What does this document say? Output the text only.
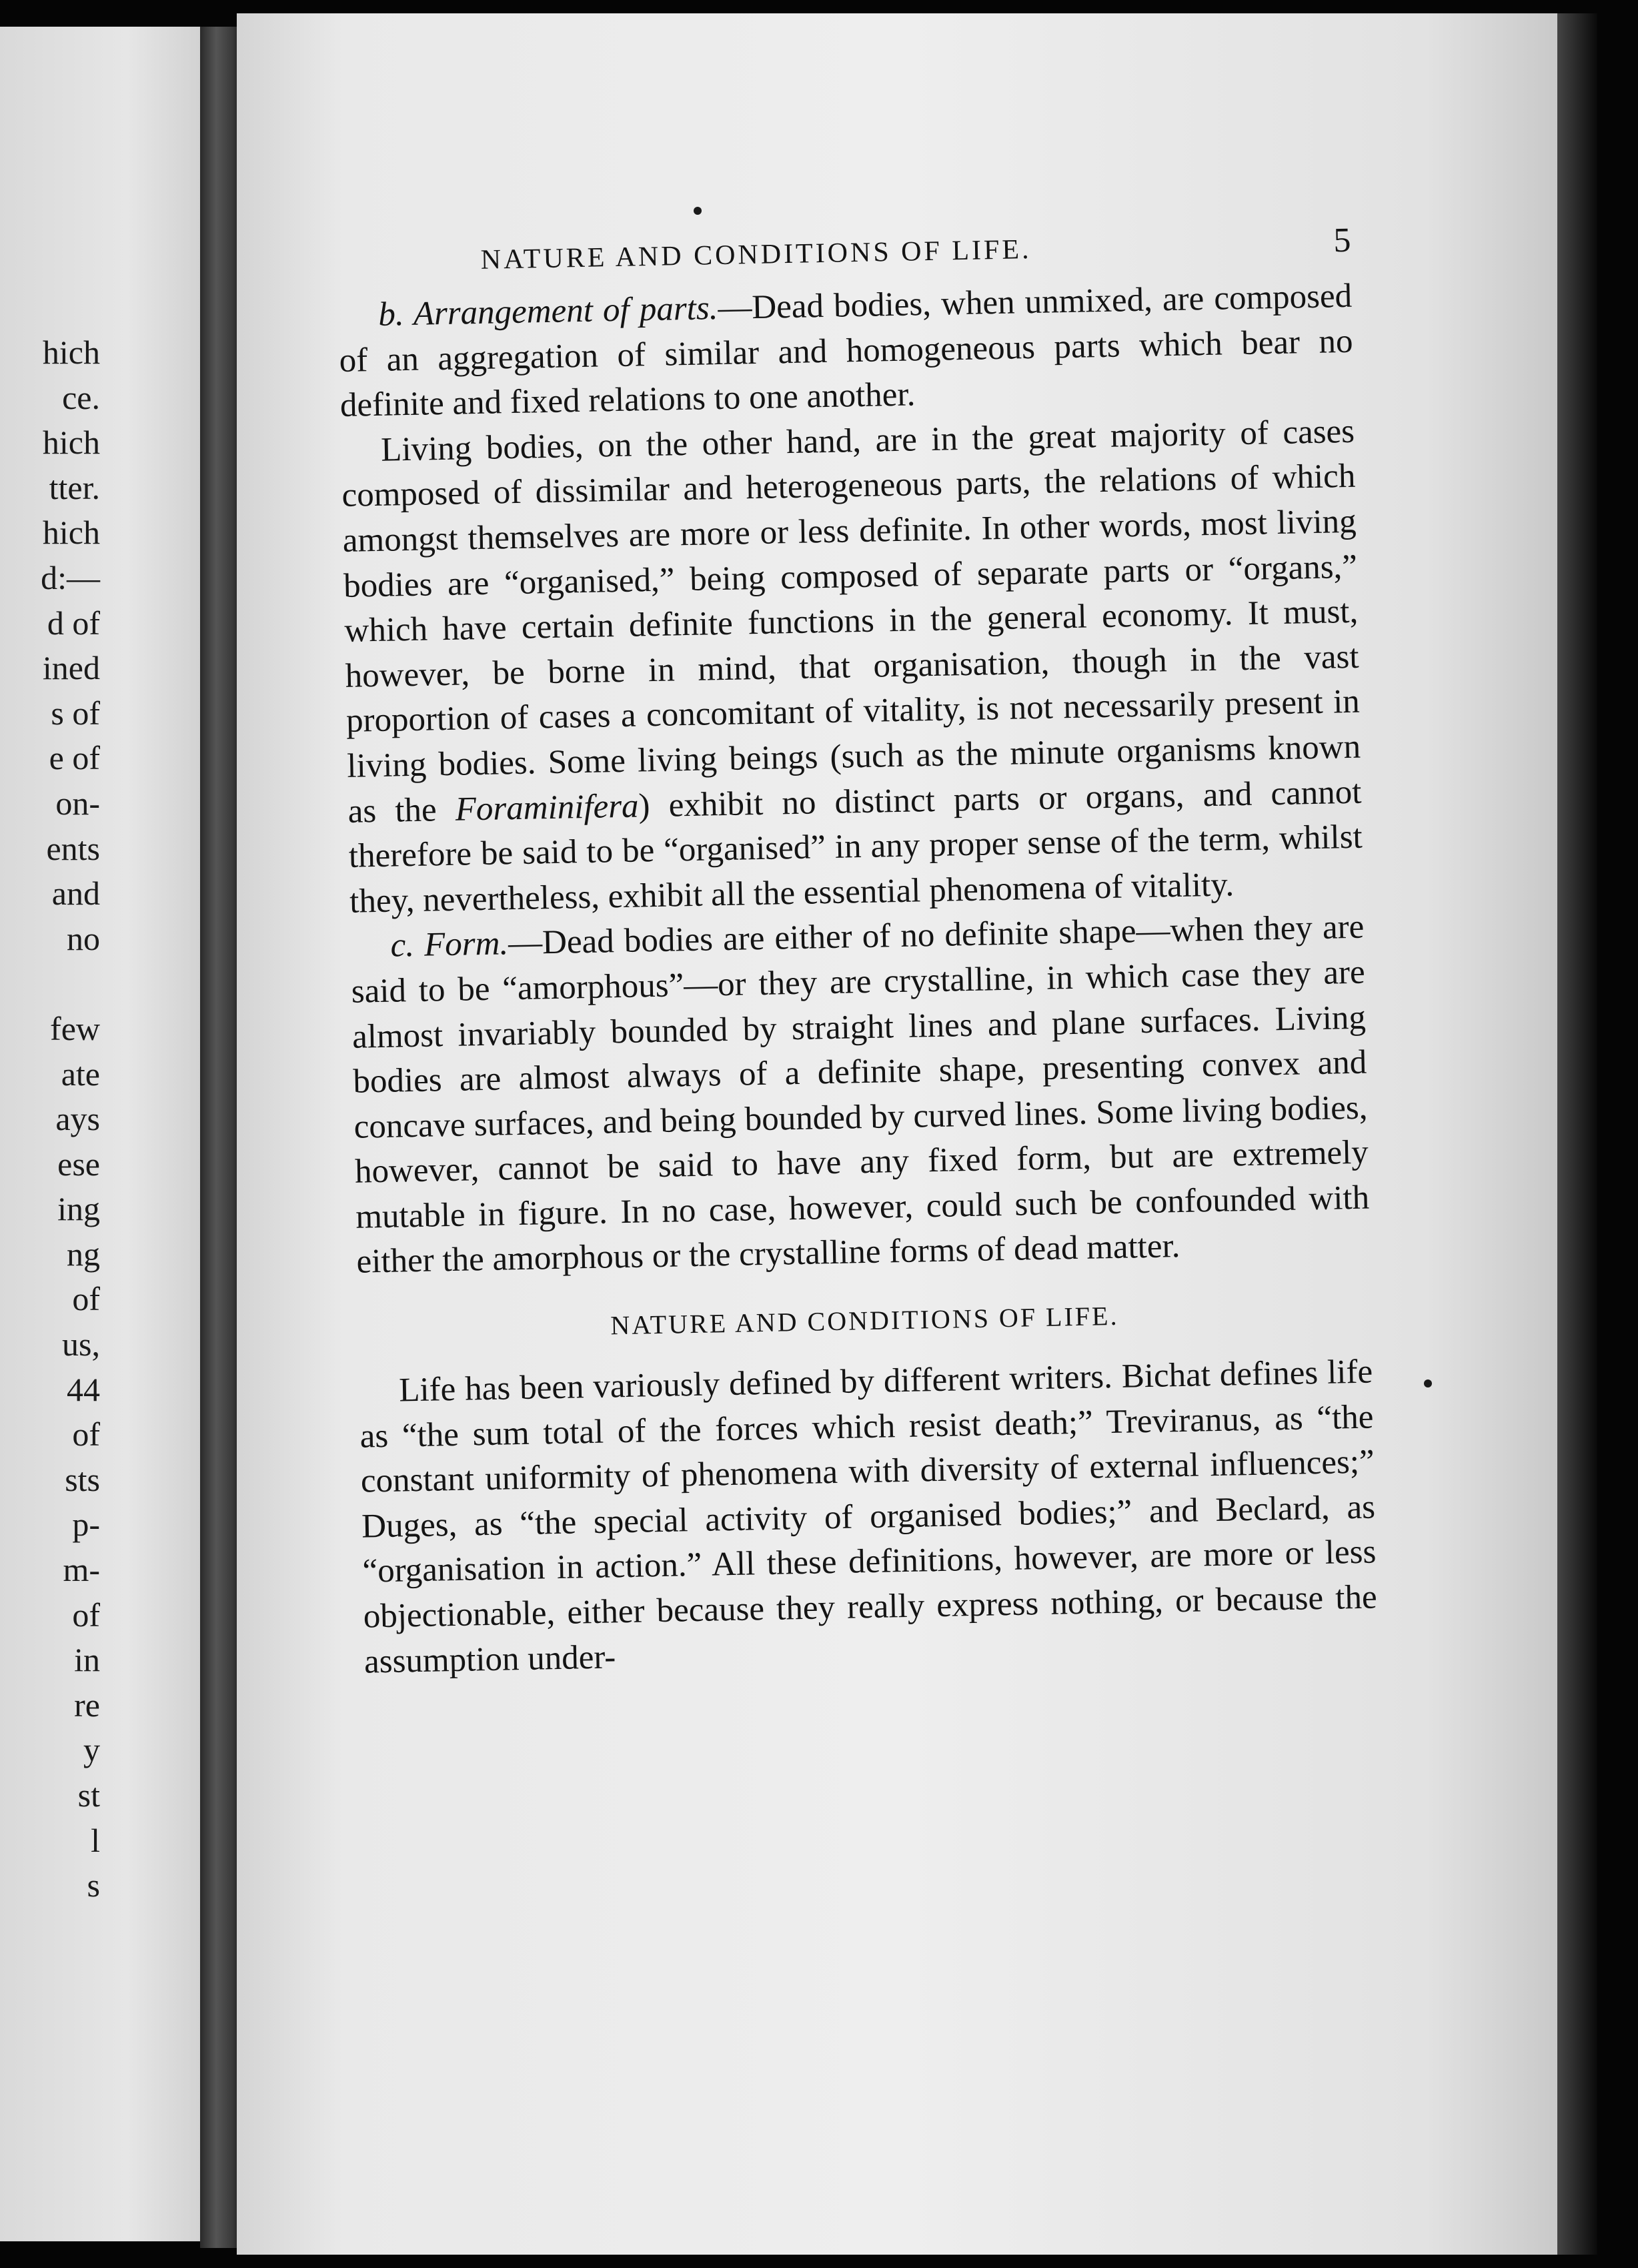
hich
ce.
hich
tter.
hich
d:—
d of
ined
s of
e of
on-
ents
and
no

few
ate
ays
ese
ing
ng
of
us,
44
of
sts
p-
m-
of
in
re
y
st
l
s
NATURE AND CONDITIONS OF LIFE.	5

b. Arrangement of parts.—Dead bodies, when unmixed, are composed of an aggregation of similar and homogeneous parts which bear no definite and fixed relations to one another.

Living bodies, on the other hand, are in the great majority of cases composed of dissimilar and heterogeneous parts, the relations of which amongst themselves are more or less definite. In other words, most living bodies are “organised,” being composed of separate parts or “organs,” which have certain definite functions in the general economy. It must, however, be borne in mind, that organisation, though in the vast proportion of cases a concomitant of vitality, is not necessarily present in living bodies. Some living beings (such as the minute organisms known as the Foraminifera) exhibit no distinct parts or organs, and cannot therefore be said to be “organised” in any proper sense of the term, whilst they, nevertheless, exhibit all the essential phenomena of vitality.

c. Form.—Dead bodies are either of no definite shape—when they are said to be “amorphous”—or they are crystalline, in which case they are almost invariably bounded by straight lines and plane surfaces. Living bodies are almost always of a definite shape, presenting convex and concave surfaces, and being bounded by curved lines. Some living bodies, however, cannot be said to have any fixed form, but are extremely mutable in figure. In no case, however, could such be confounded with either the amorphous or the crystalline forms of dead matter.

NATURE AND CONDITIONS OF LIFE.

Life has been variously defined by different writers. Bichat defines life as “the sum total of the forces which resist death;” Treviranus, as “the constant uniformity of phenomena with diversity of external influences;” Duges, as “the special activity of organised bodies;” and Beclard, as “organisation in action.” All these definitions, however, are more or less objectionable, either because they really express nothing, or because the assumption under-
